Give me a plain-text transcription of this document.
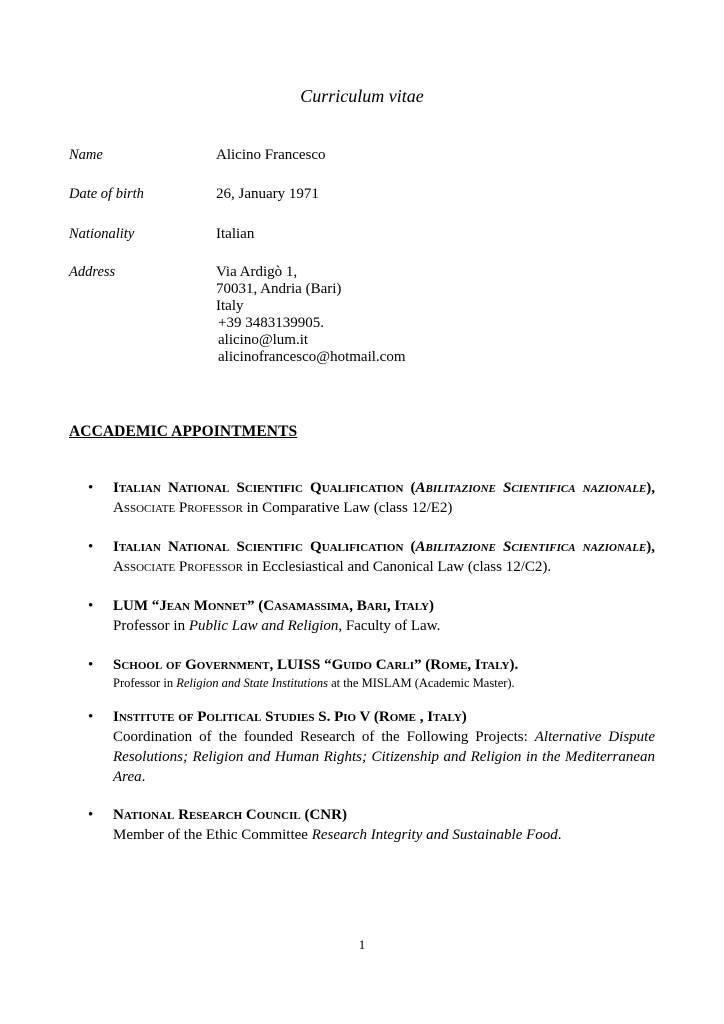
Curriculum vitae
Name	Alicino Francesco
Date of birth	26, January 1971
Nationality	Italian
Address	Via Ardigò 1,
70031, Andria (Bari)
Italy
+39 3483139905.
alicino@lum.it
alicinofrancesco@hotmail.com
ACCADEMIC APPOINTMENTS
• Italian National Scientific Qualification (Abilitazione Scientifica nazionale), Associate Professor in Comparative Law (class 12/E2)
• Italian National Scientific Qualification (Abilitazione Scientifica nazionale), Associate Professor in Ecclesiastical and Canonical Law (class 12/C2).
• LUM “Jean Monnet” (Casamassima, Bari, Italy)
Professor in Public Law and Religion, Faculty of Law.
• School of Government, LUISS “Guido Carli” (Rome, Italy).
Professor in Religion and State Institutions at the MISLAM (Academic Master).
• Institute of Political Studies S. Pio V (Rome , Italy)
Coordination of the founded Research of the Following Projects: Alternative Dispute Resolutions; Religion and Human Rights; Citizenship and Religion in the Mediterranean Area.
• National Research Council (CNR)
Member of the Ethic Committee Research Integrity and Sustainable Food.
1
